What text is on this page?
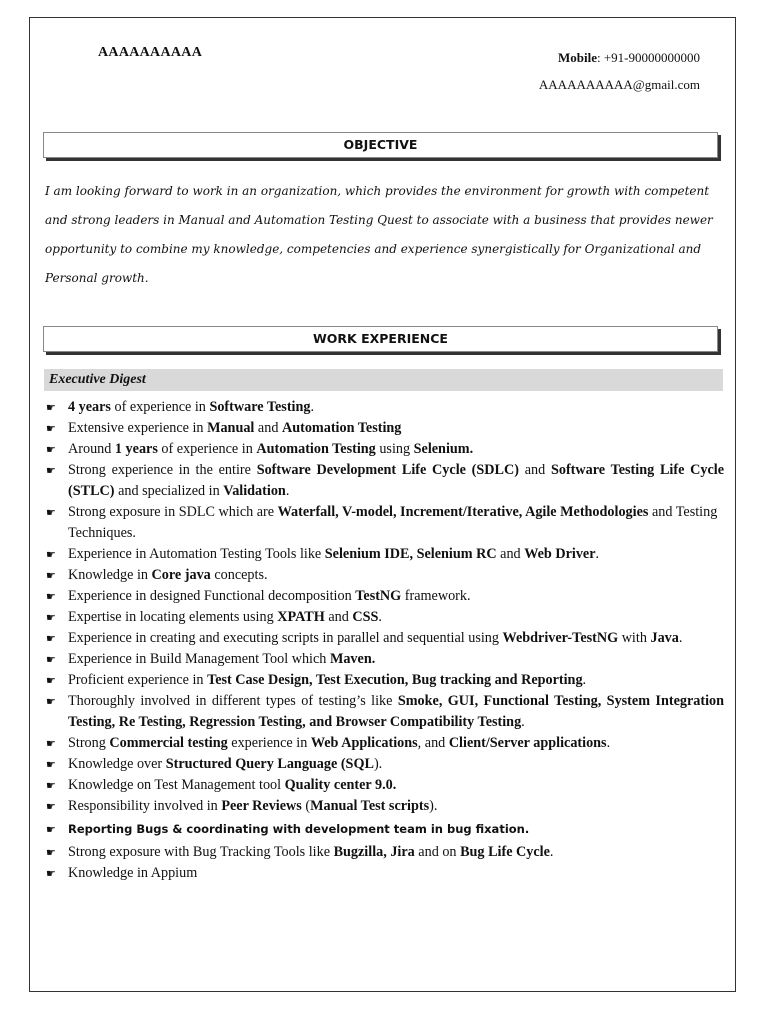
AAAAAAAAAA	Mobile: +91-90000000000
AAAAAAAAAA@gmail.com
OBJECTIVE

I am looking forward to work in an organization, which provides the environment for growth with competent and strong leaders in Manual and Automation Testing Quest to associate with a business that provides newer opportunity to combine my knowledge, competencies and experience synergistically for Organizational and Personal growth.

WORK EXPERIENCE
Executive Digest
☛ 4 years of experience in Software Testing.
☛ Extensive experience in Manual and Automation Testing
☛ Around 1 years of experience in Automation Testing using Selenium.
☛ Strong experience in the entire Software Development Life Cycle (SDLC) and Software Testing Life Cycle (STLC) and specialized in Validation.
☛ Strong exposure in SDLC which are Waterfall, V-model, Increment/Iterative, Agile Methodologies and Testing Techniques.
☛ Experience in Automation Testing Tools like Selenium IDE, Selenium RC and Web Driver.
☛ Knowledge in Core java concepts.
☛ Experience in designed Functional decomposition TestNG framework.
☛ Expertise in locating elements using XPATH and CSS.
☛ Experience in creating and executing scripts in parallel and sequential using Webdriver-TestNG with Java.
☛ Experience in Build Management Tool which Maven.
☛ Proficient experience in Test Case Design, Test Execution, Bug tracking and Reporting.
☛ Thoroughly involved in different types of testing’s like Smoke, GUI, Functional Testing, System Integration Testing, Re Testing, Regression Testing, and Browser Compatibility Testing.
☛ Strong Commercial testing experience in Web Applications, and Client/Server applications.
☛ Knowledge over Structured Query Language (SQL).
☛ Knowledge on Test Management tool Quality center 9.0.
☛ Responsibility involved in Peer Reviews (Manual Test scripts).
☛ Reporting Bugs & coordinating with development team in bug fixation.
☛ Strong exposure with Bug Tracking Tools like Bugzilla, Jira and on Bug Life Cycle.
☛ Knowledge in Appium
